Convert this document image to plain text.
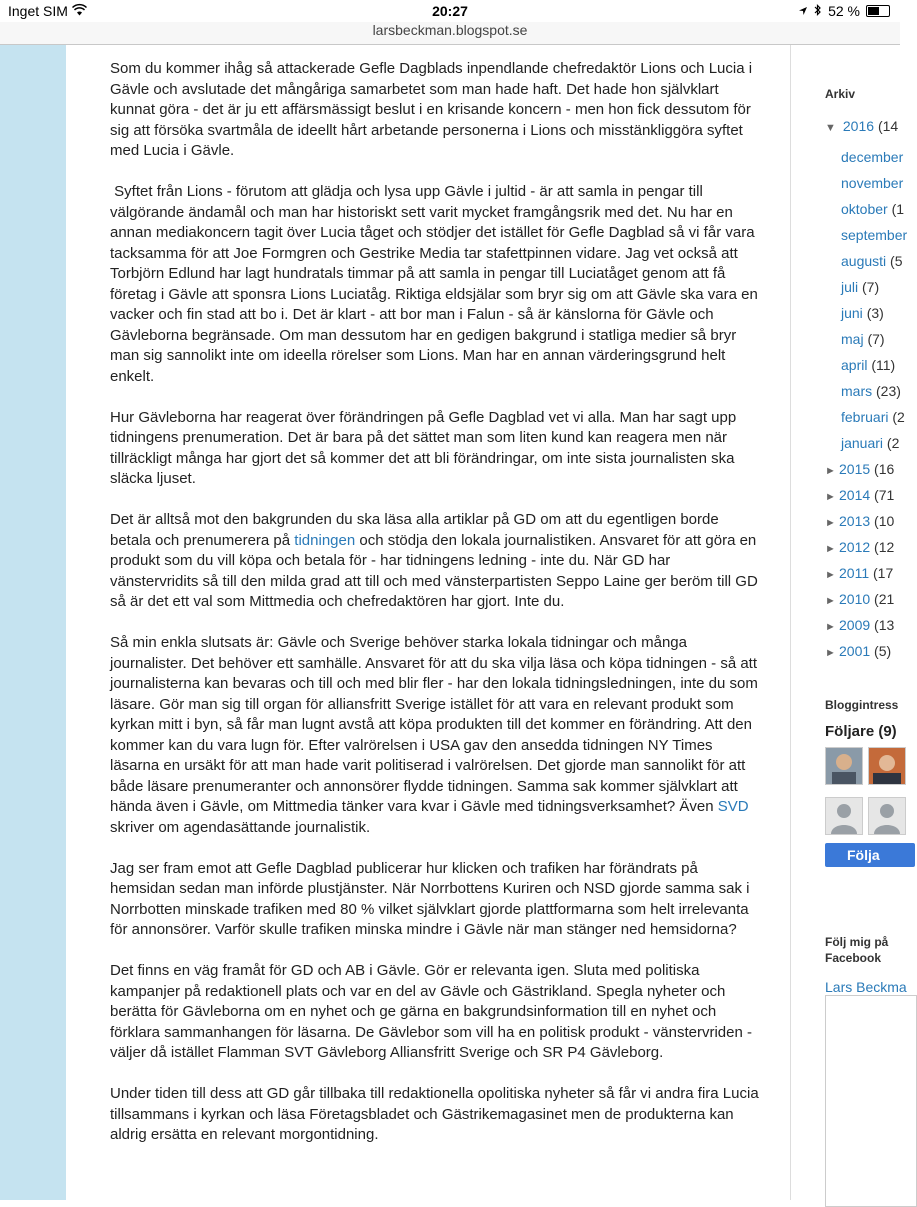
Inget SIM	20:27	52 %
larsbeckman.blogspot.se

Som du kommer ihåg så attackerade Gefle Dagblads inpendlande chefredaktör Lions och Lucia i Gävle och avslutade det mångåriga samarbetet som man hade haft. Det hade hon självklart kunnat göra - det är ju ett affärsmässigt beslut i en krisande koncern - men hon fick dessutom för sig att försöka svartmåla de ideellt hårt arbetande personerna i Lions och misstänkliggöra syftet med Lucia i Gävle.

Syftet från Lions - förutom att glädja och lysa upp Gävle i jultid - är att samla in pengar till välgörande ändamål och man har historiskt sett varit mycket framgångsrik med det. Nu har en annan mediakoncern tagit över Lucia tåget och stödjer det istället för Gefle Dagblad så vi får vara tacksamma för att Joe Formgren och Gestrike Media tar stafettpinnen vidare. Jag vet också att Torbjörn Edlund har lagt hundratals timmar på att samla in pengar till Luciatåget genom att få företag i Gävle att sponsra Lions Luciatåg. Riktiga eldsjälar som bryr sig om att Gävle ska vara en vacker och fin stad att bo i. Det är klart - att bor man i Falun - så är känslorna för Gävle och Gävleborna begränsade. Om man dessutom har en gedigen bakgrund i statliga medier så bryr man sig sannolikt inte om ideella rörelser som Lions. Man har en annan värderingsgrund helt enkelt.

Hur Gävleborna har reagerat över förändringen på Gefle Dagblad vet vi alla. Man har sagt upp tidningens prenumeration. Det är bara på det sättet man som liten kund kan reagera men när tillräckligt många har gjort det så kommer det att bli förändringar, om inte sista journalisten ska släcka ljuset.

Det är alltså mot den bakgrunden du ska läsa alla artiklar på GD om att du egentligen borde betala och prenumerera på tidningen och stödja den lokala journalistiken. Ansvaret för att göra en produkt som du vill köpa och betala för - har tidningens ledning - inte du. När GD har vänstervridits så till den milda grad att till och med vänsterpartisten Seppo Laine ger beröm till GD så är det ett val som Mittmedia och chefredaktören har gjort. Inte du.

Så min enkla slutsats är: Gävle och Sverige behöver starka lokala tidningar och många journalister. Det behöver ett samhälle. Ansvaret för att du ska vilja läsa och köpa tidningen - så att journalisterna kan bevaras och till och med blir fler - har den lokala tidningsledningen, inte du som läsare. Gör man sig till organ för alliansfritt Sverige istället för att vara en relevant produkt som kyrkan mitt i byn, så får man lugnt avstå att köpa produkten till det kommer en förändring. Att den kommer kan du vara lugn för. Efter valrörelsen i USA gav den ansedda tidningen NY Times läsarna en ursäkt för att man hade varit politiserad i valrörelsen. Det gjorde man sannolikt för att både läsare prenumeranter och annonsörer flydde tidningen. Samma sak kommer självklart att hända även i Gävle, om Mittmedia tänker vara kvar i Gävle med tidningsverksamhet? Även SVD skriver om agendasättande journalistik.

Jag ser fram emot att Gefle Dagblad publicerar hur klicken och trafiken har förändrats på hemsidan sedan man införde plustjänster. När Norrbottens Kuriren och NSD gjorde samma sak i Norrbotten minskade trafiken med 80 % vilket självklart gjorde plattformarna som helt irrelevanta för annonsörer. Varför skulle trafiken minska mindre i Gävle när man stänger ned hemsidorna?

Det finns en väg framåt för GD och AB i Gävle. Gör er relevanta igen. Sluta med politiska kampanjer på redaktionell plats och var en del av Gävle och Gästrikland. Spegla nyheter och berätta för Gävleborna om en nyhet och ge gärna en bakgrundsinformation till en nyhet och förklara sammanhangen för läsarna. De Gävlebor som vill ha en politisk produkt - vänstervriden - väljer då istället Flamman SVT Gävleborg Alliansfritt Sverige och SR P4 Gävleborg.

Under tiden till dess att GD går tillbaka till redaktionella opolitiska nyheter så får vi andra fira Lucia tillsammans i kyrkan och läsa Företagsbladet och Gästrikemagasinet men de produkterna kan aldrig ersätta en relevant morgontidning.

Arkiv
▼ 2016 (14
december
november
oktober (1
september
augusti (5
juli (7)
juni (3)
maj (7)
april (11)
mars (23)
februari (2
januari (2
► 2015 (16
► 2014 (71
► 2013 (10
► 2012 (12
► 2011 (17
► 2010 (21
► 2009 (13
► 2001 (5)
Bloggintress
Följare (9)
Följa
Följ mig på Facebook
Lars Beckma
